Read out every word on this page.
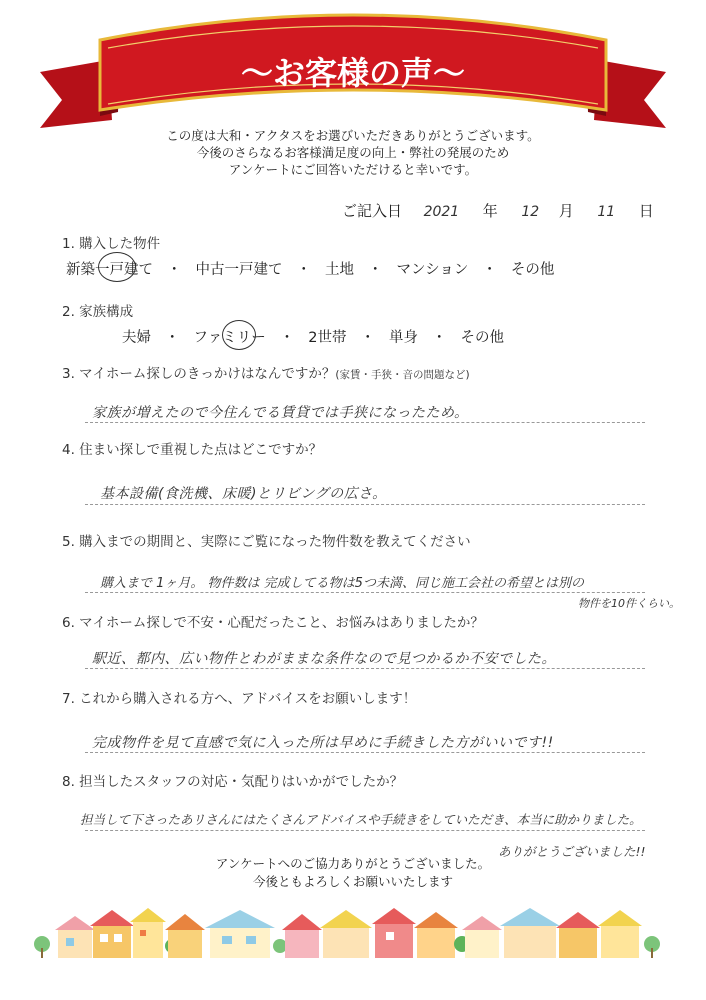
～お客様の声～
この度は大和・アクタスをお選びいただきありがとうございます。
今後のさらなるお客様満足度の向上・弊社の発展のため
アンケートにご回答いただけると幸いです。
ご記入日 2021 年 12 月 11 日
1. 購入した物件
新築一戸建て ・ 中古一戸建て ・ 土地 ・ マンション ・ その他
2. 家族構成
夫婦 ・ ファミリー ・ 2世帯 ・ 単身 ・ その他
3. マイホーム探しのきっかけはなんですか？(家賃・手狭・音の問題など)
家族が増えたので今住んでる賃貸では手狭になったため。
4. 住まい探しで重視した点はどこですか？
基本設備(食洗機、床暖)とリビングの広さ。
5. 購入までの期間と、実際にご覧になった物件数を教えてください
購入まで 1ヶ月。 物件数は 完成してる物は5つ未満、同じ施工会社の希望とは別の
物件を10件くらい。
6. マイホーム探しで不安・心配だったこと、お悩みはありましたか？
駅近、都内、広い物件とわがままな条件なので見つかるか不安でした。
7. これから購入される方へ、アドバイスをお願いします！
完成物件を見て直感で気に入った所は早めに手続きした方がいいです!!
8. 担当したスタッフの対応・気配りはいかがでしたか？
担当して下さったあリさんにはたくさんアドバイスや手続きをしていただき、本当に助かりました。
ありがとうございました!!
アンケートへのご協力ありがとうございました。
今後ともよろしくお願いいたします
